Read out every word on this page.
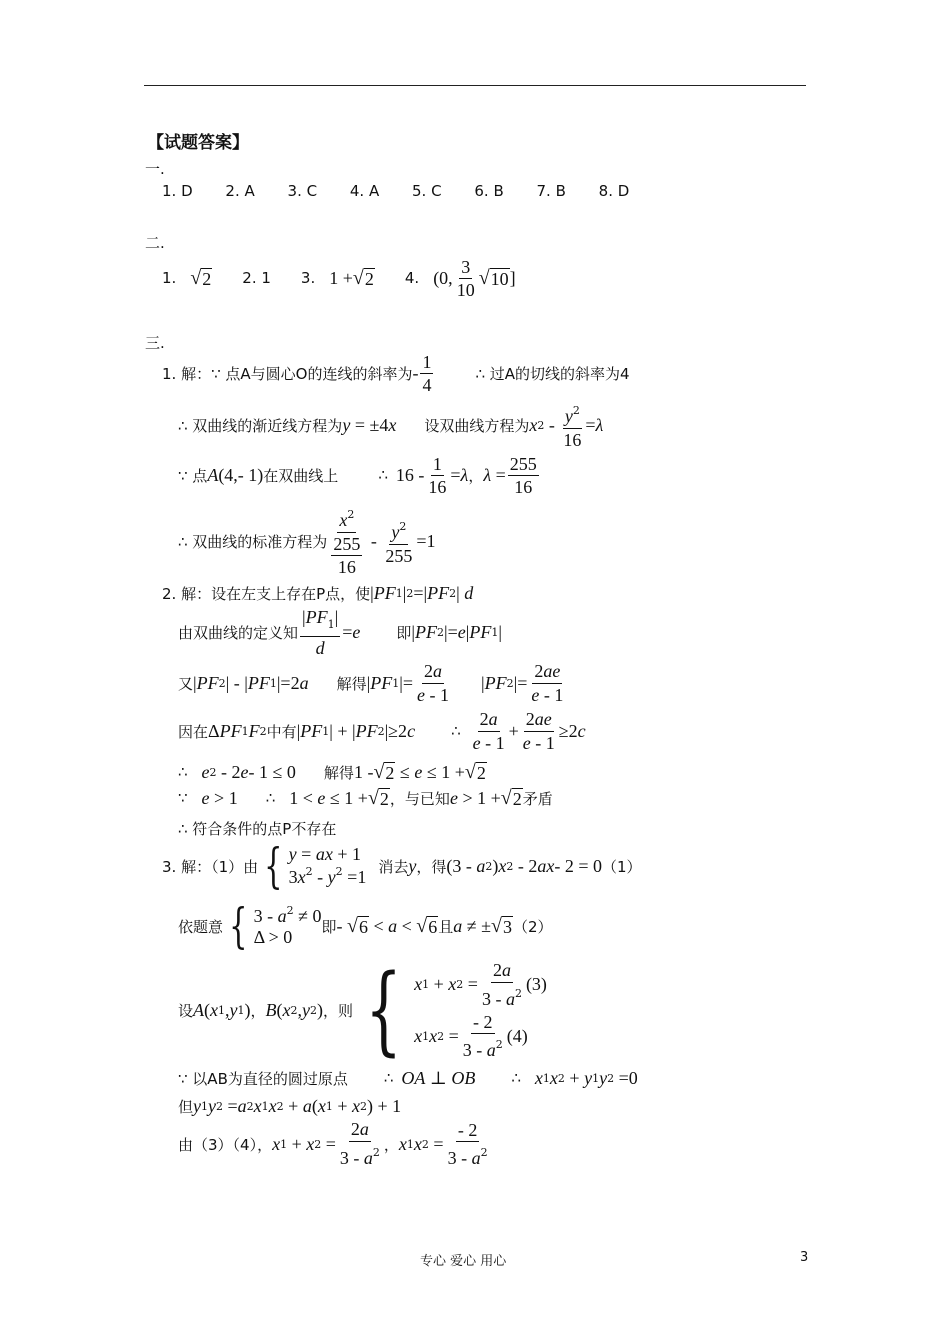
【试题答案】
一.
1. D 2. A 3. C 4. A 5. C 6. B 7. B 8. D
二.
1. √ 2 2. 1 3. 1 + √ 2 4. (0, $\frac{3}{10}$ √ 10 ]
三.
1. 解：∵ 点A与圆心O的连线的斜率为 - $\frac{1}{4}$	∴ 过A的切线的斜率为4
∴ 双曲线的渐近线方程为 y = ±4 x 设双曲线方程为 x $2 - \frac{y^2}{16} = \lambda$
∵ 点 A (4,- 1) 在双曲线上	∴ $16 - \frac{1}{16} = \lambda$ ， $\lambda = \frac{255}{16}$
∴ 双曲线的标准方程为 $\frac{x^2}{\frac{255}{16}} - \frac{y^2}{255} =1$
2. 解：设在左支上存在P点，使 | PF 1 | 2 =| PF 2 | d
由双曲线的定义知 $\frac{|PF_1|}{d} = e$ 即 | PF 2 |= e | PF 1 |
又 | PF 2 | - | PF 1 |=2 a 解得 | PF 1 |= $\frac{2a}{e - 1}$ | PF 2 |= $\frac{2ae}{e - 1}$
因在 Δ PF 1 F 2 中有 | PF 1 | + | PF 2 |≥2 c ∴ $\frac{2a}{e - 1} + \frac{2ae}{e - 1} \ge 2$ c
∴ e 2 - 2 e - 1 ≤ 0 解得 1 - √ 2 ≤ e ≤ 1 + √ 2
∵ e > 1 ∴ 1 < e ≤ 1 + √ 2 ，与已知 e > 1 + √ 2 矛盾
∴ 符合条件的点P不存在
3. 解：（1）由 { y = ax + 1
$3x^2 - y^2 =1$
消去 y ，得 (3 - a 2 ) x 2 - 2 ax - 2 = 0 （1）
依题意 { $3 - a^2 \ne 0$
Δ > 0
即 - √ 6 < a < √ 6 且 a ≠ ± √ 3 （2）
设 A ( x 1 , y 1 ) ， B ( x 2 , y 2 ) ，则 { x 1 + x $2 = \frac{2a}{3 - a^2} (3)$
x 1 x $2 = \frac{- 2}{3 - a^2} (4)$
∵ 以AB为直径的圆过原点 ∴ OA ⊥ OB ∴ x 1 x 2 + y 1 y 2 =0
但 y 1 y 2 = a 2 x 1 x 2 + a ( x 1 + x 2 ) + 1
由（3）（4）， x 1 + x $2 = \frac{2a}{3 - a^2}$ ， x 1 x $2 = \frac{- 2}{3 - a^2}$
专心 爱心 用心	3
